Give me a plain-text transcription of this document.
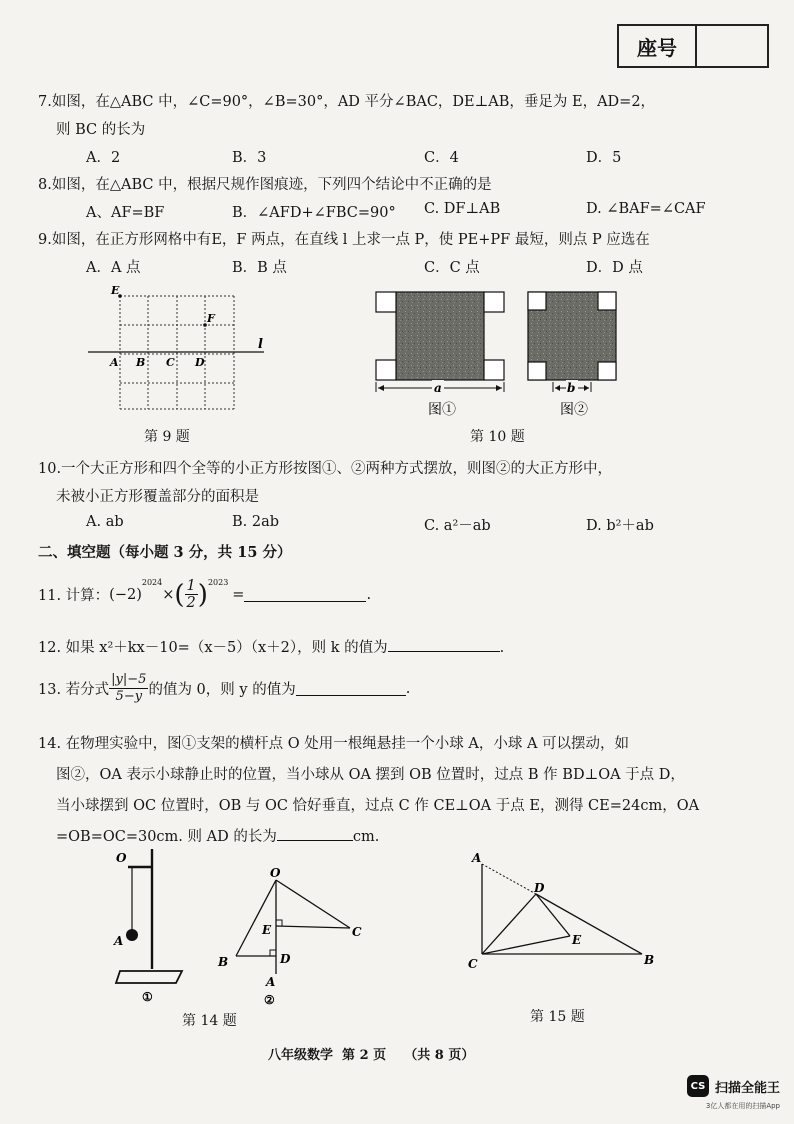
座号
7.如图，在△ABC 中，∠C=90°，∠B=30°，AD 平分∠BAC，DE⊥AB，垂足为 E，AD=2，
则 BC 的长为
A．2	B．3	C．4	D．5
8.如图，在△ABC 中，根据尺规作图痕迹，下列四个结论中不正确的是
A、AF=BF	B．∠AFD+∠FBC=90° C. DF⊥AB	D. ∠BAF=∠CAF
9.如图，在正方形网格中有E，F 两点，在直线 l 上求一点 P，使 PE+PF 最短，则点 P 应选在
A．A 点	B．B 点	C．C 点	D．D 点
E
F
A B C D
l
第 9 题
a	b
图①	图②
第 10 题
10.一个大正方形和四个全等的小正方形按图①、②两种方式摆放，则图②的大正方形中，
未被小正方形覆盖部分的面积是
A. ab	B. 2ab	C. a²－ab	D. b²＋ab
二、填空题（每小题 3 分，共 15 分）
11. 计算： (−2)
$^{2024}$
× ( $\frac{1}{2} )^{2023}$
=	.
12. 如果 x²＋kx－10=（x－5）（x＋2），则 k 的值为	.
13. 若分式 $\frac{|y|-5}{5-y}$ 的值为 0，则 y 的值为	.
14. 在物理实验中，图①支架的横杆点 O 处用一根绳悬挂一个小球 A，小球 A 可以摆动，如
图②，OA 表示小球静止时的位置，当小球从 OA 摆到 OB 位置时，过点 B 作 BD⊥OA 于点 D，
当小球摆到 OC 位置时，OB 与 OC 恰好垂直，过点 C 作 CE⊥OA 于点 E，测得 CE=24cm，OA
=OB=OC=30cm. 则 AD 的长为	cm.
O
A
①
O
E	C
B	D
A
②
第 14 题
A
D
E
C	B
第 15 题
八年级数学  第 2 页    （共 8 页）
CS 扫描全能王
3亿人都在用的扫描App
